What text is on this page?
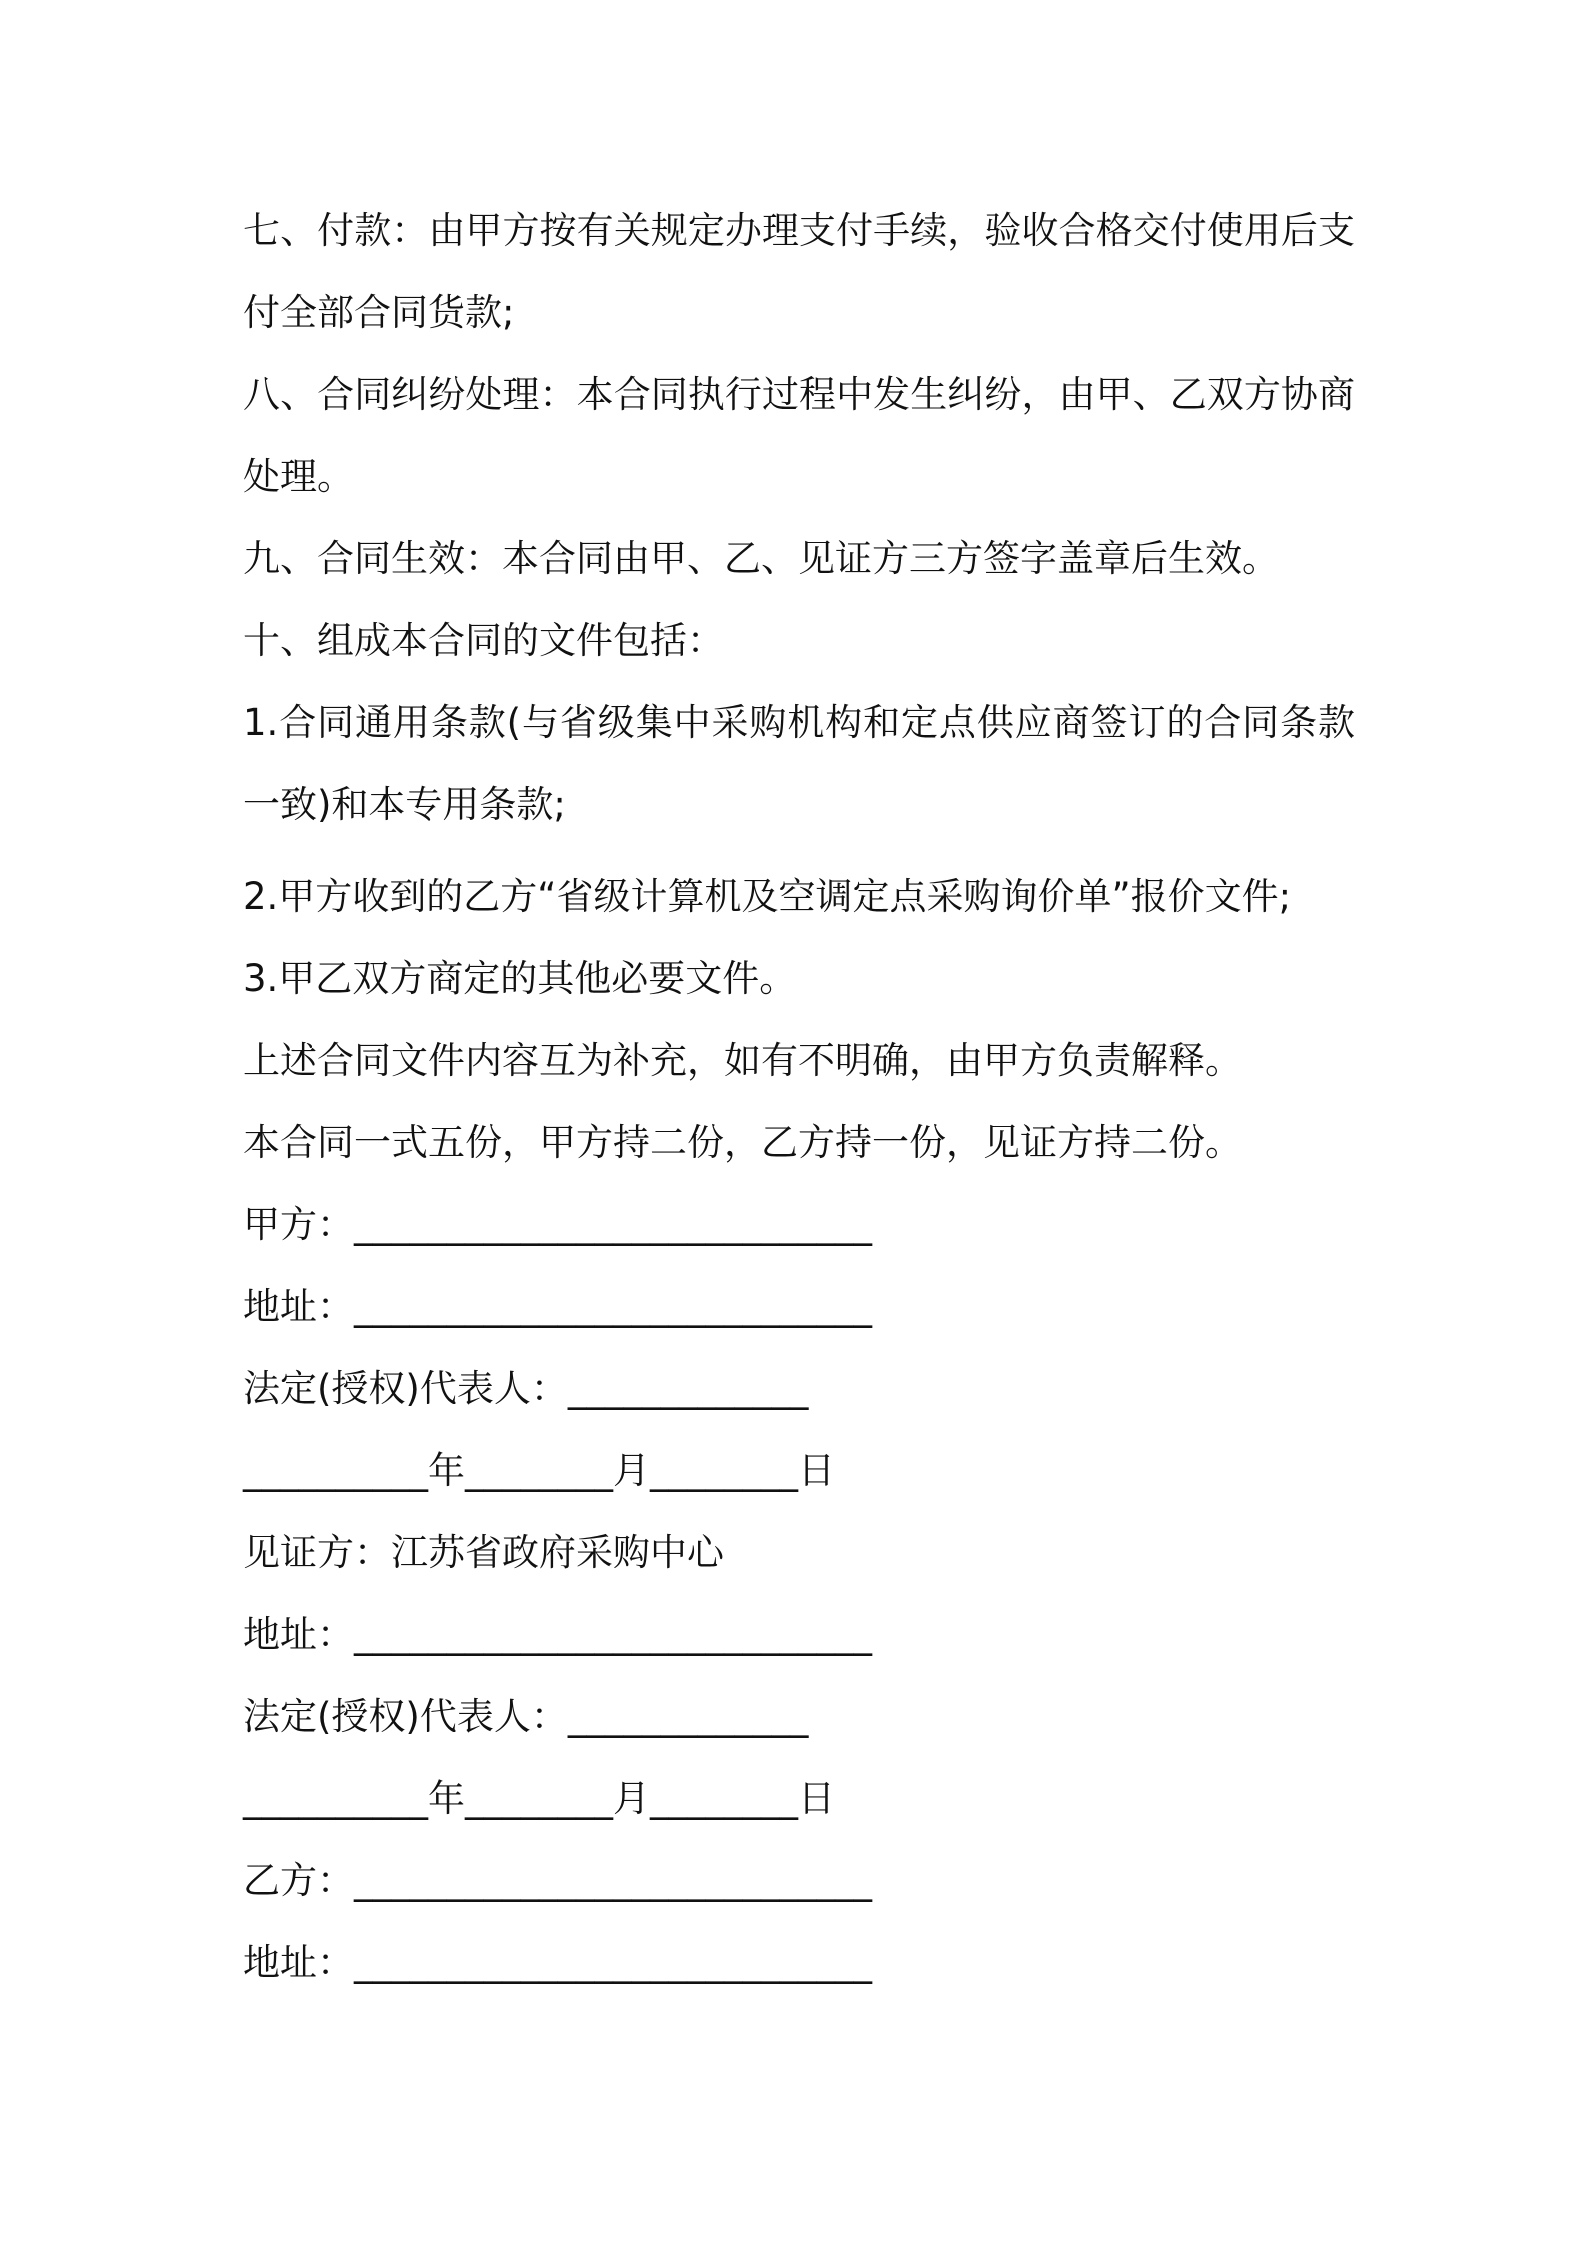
七、付款：由甲方按有关规定办理支付手续，验收合格交付使用后支
付全部合同货款;
八、合同纠纷处理：本合同执行过程中发生纠纷，由甲、乙双方协商
处理。
九、合同生效：本合同由甲、乙、见证方三方签字盖章后生效。
十、组成本合同的文件包括：
1.合同通用条款(与省级集中采购机构和定点供应商签订的合同条款
一致)和本专用条款;
2.甲方收到的乙方“省级计算机及空调定点采购询价单”报价文件;
3.甲乙双方商定的其他必要文件。
上述合同文件内容互为补充，如有不明确，由甲方负责解释。
本合同一式五份，甲方持二份，乙方持一份，见证方持二份。
甲方：____________________________
地址：____________________________
法定(授权)代表人：_____________
__________年________月________日
见证方：江苏省政府采购中心
地址：____________________________
法定(授权)代表人：_____________
__________年________月________日
乙方：____________________________
地址：____________________________
